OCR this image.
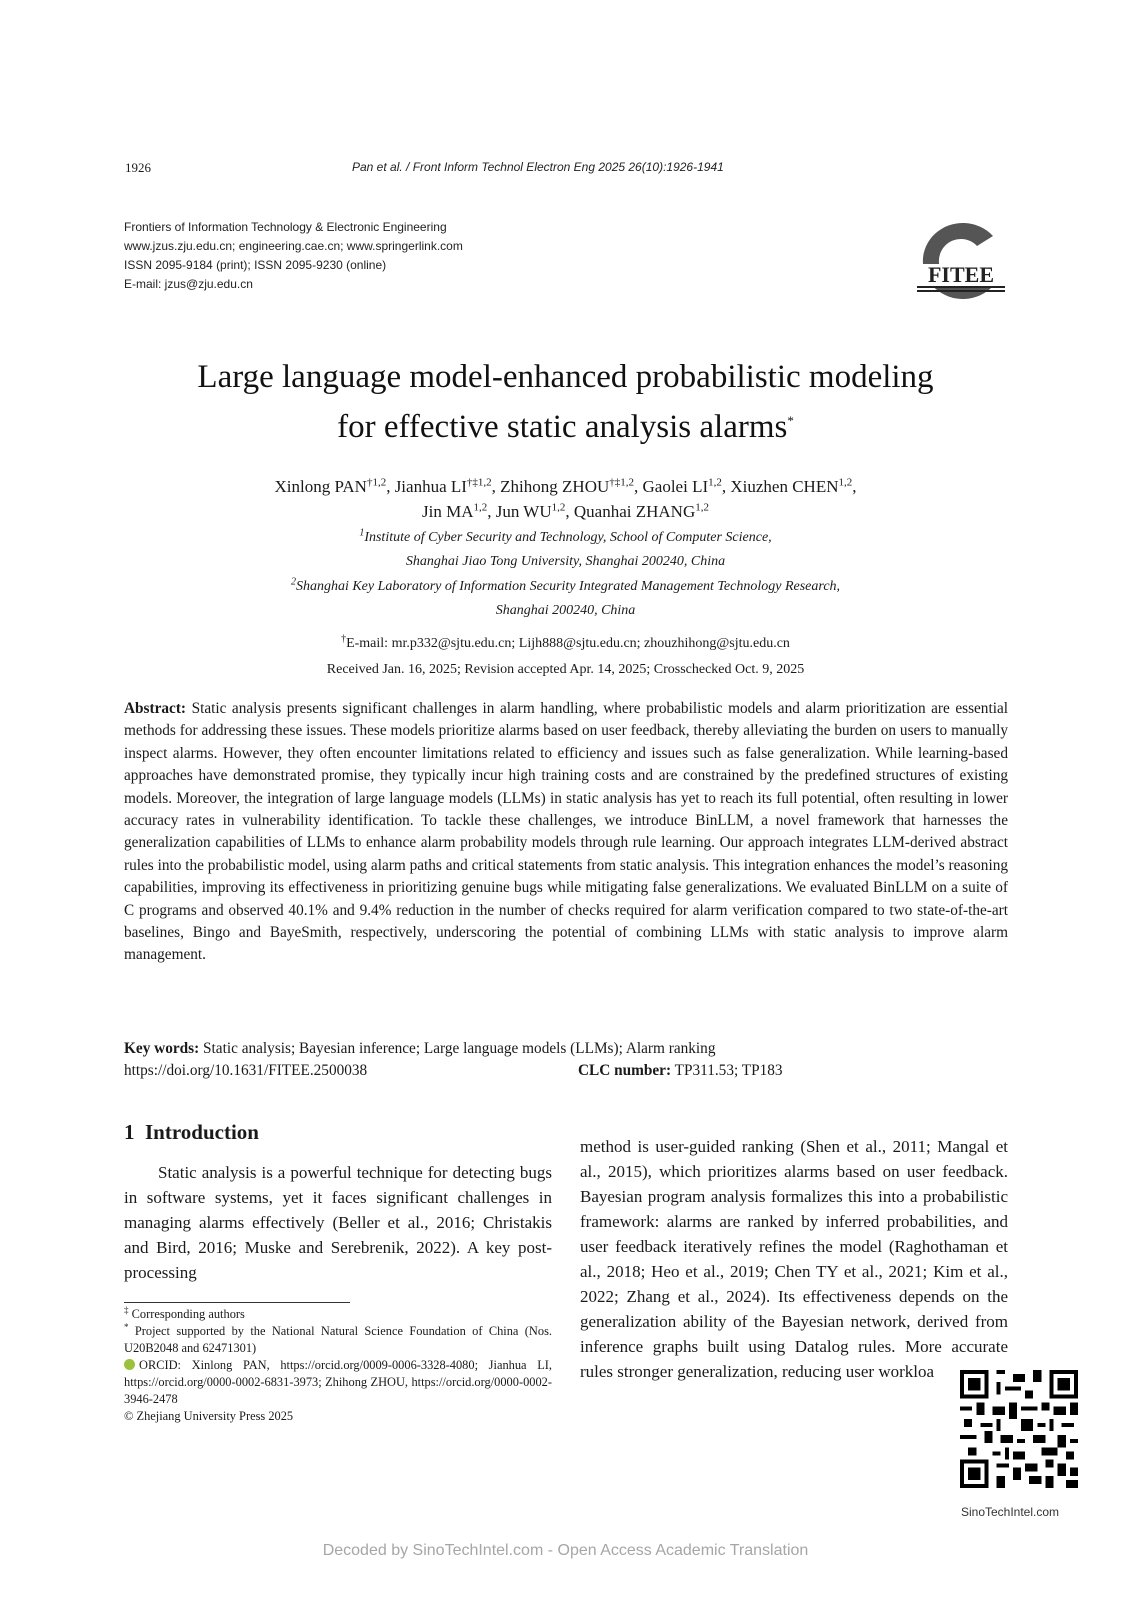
1926	Pan et al. / Front Inform Technol Electron Eng 2025 26(10):1926-1941
Frontiers of Information Technology & Electronic Engineering
www.jzus.zju.edu.cn; engineering.cae.cn; www.springerlink.com
ISSN 2095-9184 (print); ISSN 2095-9230 (online)
E-mail: jzus@zju.edu.cn	FITEE
Large language model-enhanced probabilistic modeling
for effective static analysis alarms*
Xinlong PAN$^{\dagger 1,2}$, Jianhua LI$^{\dagger\ddagger 1,2}$, Zhihong ZHOU$^{\dagger\ddagger 1,2}$, Gaolei LI$^{1,2}$, Xiuzhen CHEN$^{1,2}$,
Jin MA$^{1,2}$, Jun WU$^{1,2}$, Quanhai ZHANG$^{1,2}$
$^1$Institute of Cyber Security and Technology, School of Computer Science,
Shanghai Jiao Tong University, Shanghai 200240, China
$^2$Shanghai Key Laboratory of Information Security Integrated Management Technology Research,
Shanghai 200240, China
†E-mail: mr.p332@sjtu.edu.cn; Lijh888@sjtu.edu.cn; zhouzhihong@sjtu.edu.cn
Received Jan. 16, 2025; Revision accepted Apr. 14, 2025; Crosschecked Oct. 9, 2025
Abstract: Static analysis presents significant challenges in alarm handling, where probabilistic models and alarm prioritization are essential methods for addressing these issues. These models prioritize alarms based on user feedback, thereby alleviating the burden on users to manually inspect alarms. However, they often encounter limitations related to efficiency and issues such as false generalization. While learning-based approaches have demonstrated promise, they typically incur high training costs and are constrained by the predefined structures of existing models. Moreover, the integration of large language models (LLMs) in static analysis has yet to reach its full potential, often resulting in lower accuracy rates in vulnerability identification. To tackle these challenges, we introduce BinLLM, a novel framework that harnesses the generalization capabilities of LLMs to enhance alarm probability models through rule learning. Our approach integrates LLM-derived abstract rules into the probabilistic model, using alarm paths and critical statements from static analysis. This integration enhances the model’s reasoning capabilities, improving its effectiveness in prioritizing genuine bugs while mitigating false generalizations. We evaluated BinLLM on a suite of C programs and observed 40.1% and 9.4% reduction in the number of checks required for alarm verification compared to two state-of-the-art baselines, Bingo and BayeSmith, respectively, underscoring the potential of combining LLMs with static analysis to improve alarm management.
Key words: Static analysis; Bayesian inference; Large language models (LLMs); Alarm ranking
https://doi.org/10.1631/FITEE.2500038	CLC number: TP311.53; TP183
1 Introduction
Static analysis is a powerful technique for detecting bugs in software systems, yet it faces significant challenges in managing alarms effectively (Beller et al., 2016; Christakis and Bird, 2016; Muske and Serebrenik, 2022). A key post-processing
method is user-guided ranking (Shen et al., 2011; Mangal et al., 2015), which prioritizes alarms based on user feedback. Bayesian program analysis formalizes this into a probabilistic framework: alarms are ranked by inferred probabilities, and user feedback iteratively refines the model (Raghothaman et al., 2018; Heo et al., 2019; Chen TY et al., 2021; Kim et al., 2022; Zhang et al., 2024). Its effectiveness depends on the generalization ability of the Bayesian network, derived from inference graphs built using Datalog rules. More accurate rules stronger generalization, reducing user workloa
‡ Corresponding authors
* Project supported by the National Natural Science Foundation of China (Nos. U20B2048 and 62471301)
ORCID: Xinlong PAN, https://orcid.org/0009-0006-3328-4080; Jianhua LI, https://orcid.org/0000-0002-6831-3973; Zhihong ZHOU, https://orcid.org/0000-0002-3946-2478
© Zhejiang University Press 2025
SinoTechIntel.com
Decoded by SinoTechIntel.com - Open Access Academic Translation
